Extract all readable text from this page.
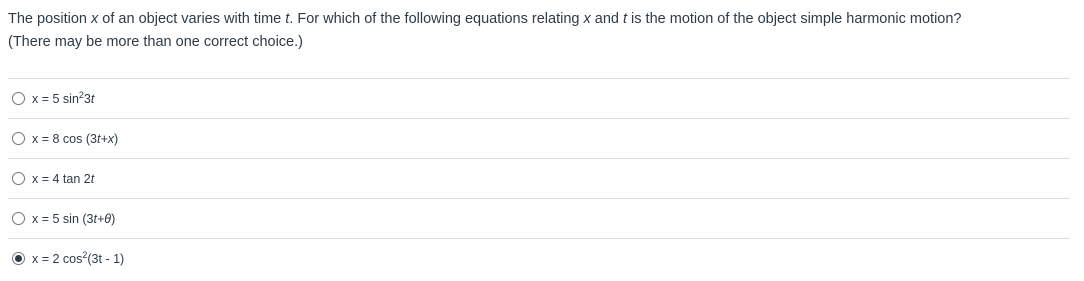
The position x of an object varies with time t. For which of the following equations relating x and t is the motion of the object simple harmonic motion?
(There may be more than one correct choice.)
x = 5 $\sin^23t$
x = 8 cos (3t+x)
x = 4 tan 2t
x = 5 sin (3t+θ)
x = 2 $\cos^2(3t - 1)$
